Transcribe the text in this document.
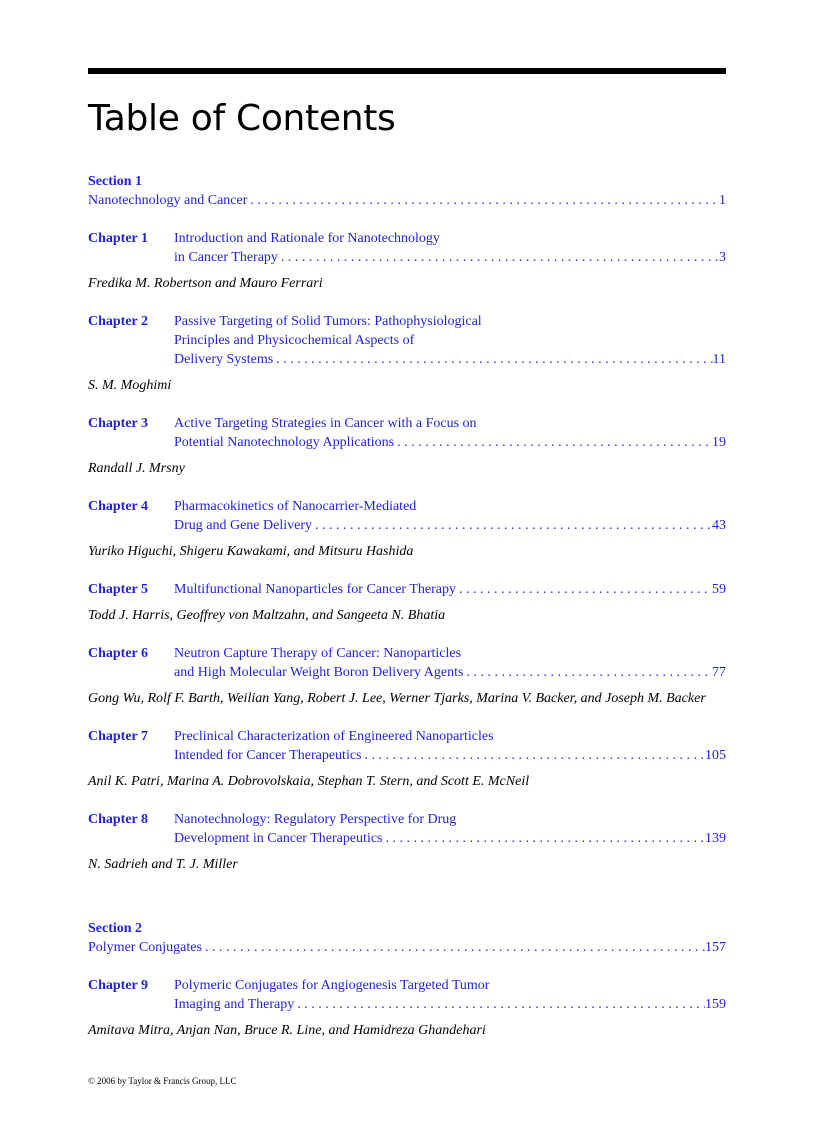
Table of Contents
Section 1
Nanotechnology and Cancer . . .	1
Chapter 1 Introduction and Rationale for Nanotechnology
in Cancer Therapy . . .	3
Fredika M. Robertson and Mauro Ferrari
Chapter 2 Passive Targeting of Solid Tumors: Pathophysiological
Principles and Physicochemical Aspects of
Delivery Systems . . .	11
S. M. Moghimi
Chapter 3 Active Targeting Strategies in Cancer with a Focus on
Potential Nanotechnology Applications . . .	19
Randall J. Mrsny
Chapter 4 Pharmacokinetics of Nanocarrier-Mediated
Drug and Gene Delivery . . .	43
Yuriko Higuchi, Shigeru Kawakami, and Mitsuru Hashida
Chapter 5 Multifunctional Nanoparticles for Cancer Therapy . . .	59
Todd J. Harris, Geoffrey von Maltzahn, and Sangeeta N. Bhatia
Chapter 6 Neutron Capture Therapy of Cancer: Nanoparticles
and High Molecular Weight Boron Delivery Agents . . .	77
Gong Wu, Rolf F. Barth, Weilian Yang, Robert J. Lee, Werner Tjarks, Marina V. Backer, and Joseph M. Backer
Chapter 7 Preclinical Characterization of Engineered Nanoparticles
Intended for Cancer Therapeutics . . .	105
Anil K. Patri, Marina A. Dobrovolskaia, Stephan T. Stern, and Scott E. McNeil
Chapter 8 Nanotechnology: Regulatory Perspective for Drug
Development in Cancer Therapeutics . . .	139
N. Sadrieh and T. J. Miller
Section 2
Polymer Conjugates . . .	157
Chapter 9 Polymeric Conjugates for Angiogenesis Targeted Tumor
Imaging and Therapy . . .	159
Amitava Mitra, Anjan Nan, Bruce R. Line, and Hamidreza Ghandehari
© 2006 by Taylor & Francis Group, LLC
